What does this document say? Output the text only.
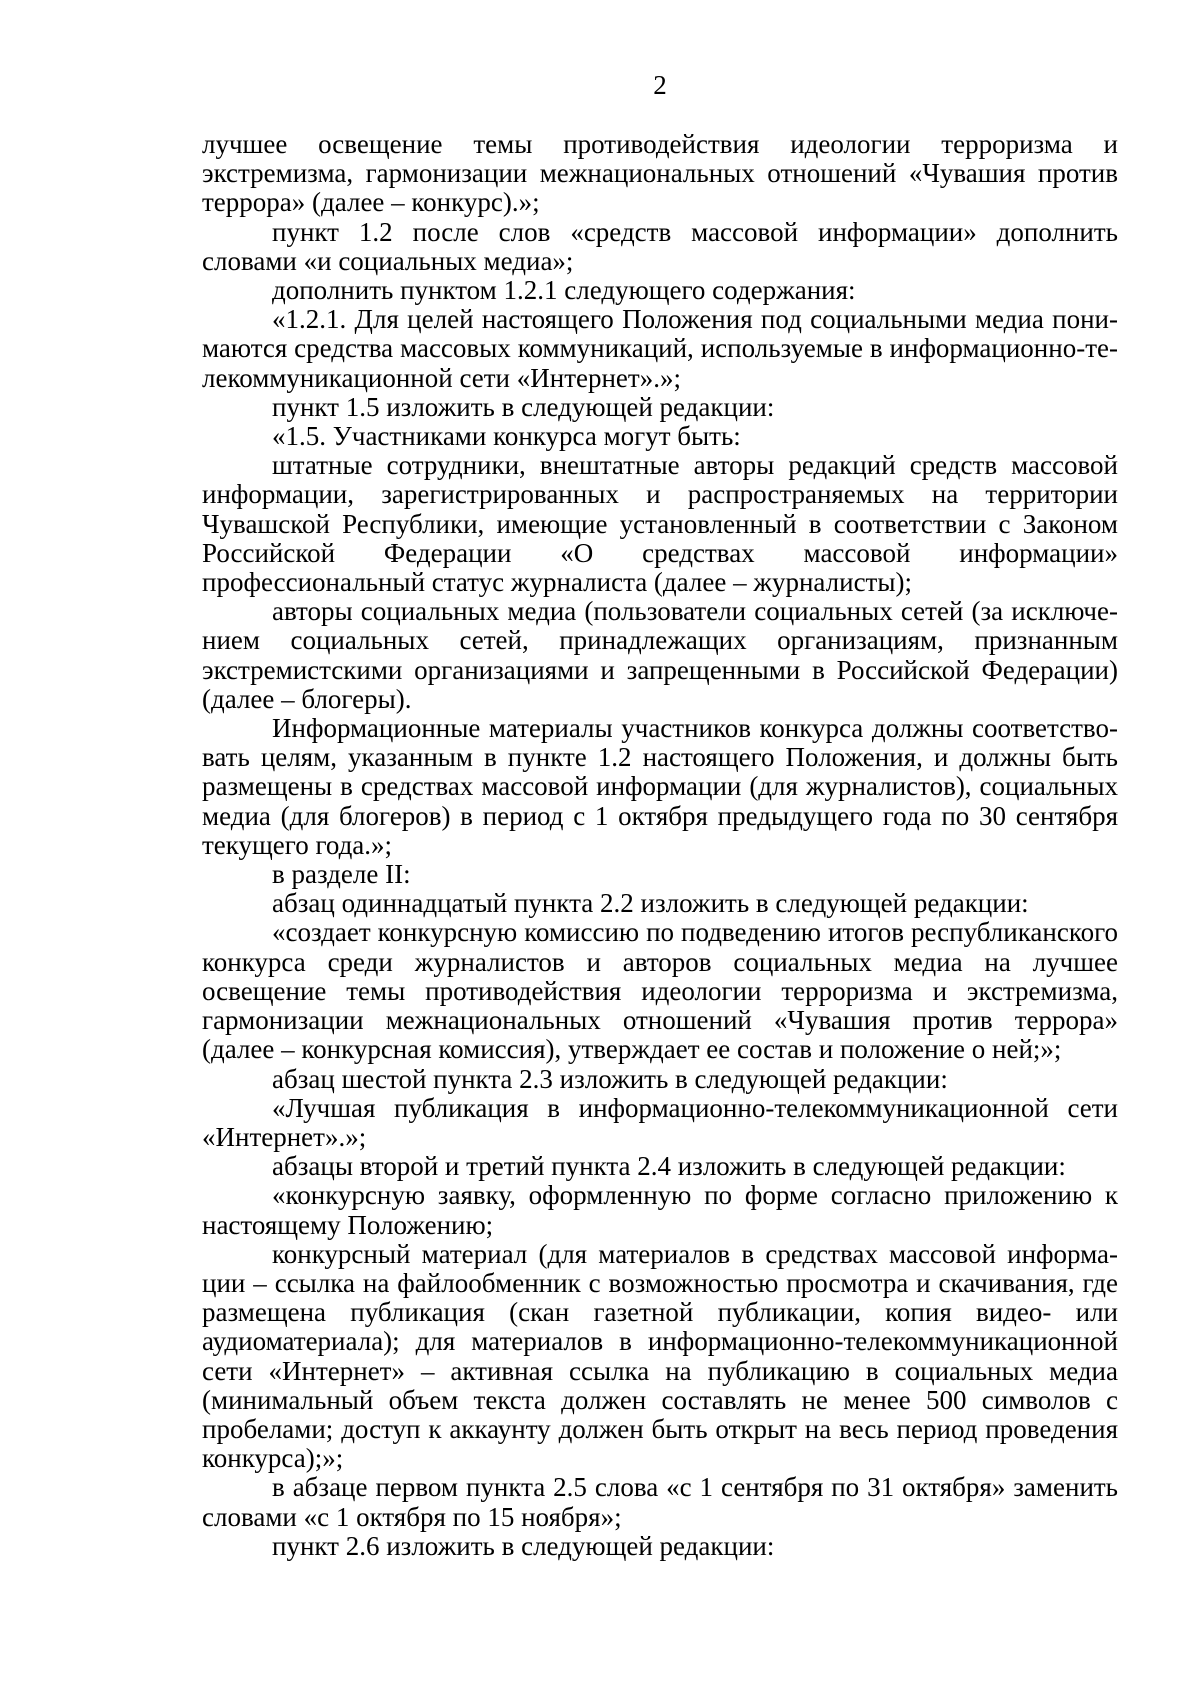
2

лучшее освещение темы противодействия идеологии терроризма и экстремизма, гармонизации межнациональных отношений «Чувашия против террора» (далее – конкурс).»;

пункт 1.2 после слов «средств массовой информации» дополнить словами «и социальных медиа»;

дополнить пунктом 1.2.1 следующего содержания:

«1.2.1. Для целей настоящего Положения под социальными медиа понимаются средства массовых коммуникаций, используемые в информационно-телекоммуникационной сети «Интернет».»;

пункт 1.5 изложить в следующей редакции:

«1.5. Участниками конкурса могут быть:

штатные сотрудники, внештатные авторы редакций средств массовой информации, зарегистрированных и распространяемых на территории Чувашской Республики, имеющие установленный в соответствии с Законом Российской Федерации «О средствах массовой информации» профессиональный статус журналиста (далее – журналисты);

авторы социальных медиа (пользователи социальных сетей (за исключением социальных сетей, принадлежащих организациям, признанным экстремистскими организациями и запрещенными в Российской Федерации) (далее – блогеры).

Информационные материалы участников конкурса должны соответствовать целям, указанным в пункте 1.2 настоящего Положения, и должны быть размещены в средствах массовой информации (для журналистов), социальных медиа (для блогеров) в период с 1 октября предыдущего года по 30 сентября текущего года.»;

в разделе II:

абзац одиннадцатый пункта 2.2 изложить в следующей редакции:

«создает конкурсную комиссию по подведению итогов республиканского конкурса среди журналистов и авторов социальных медиа на лучшее освещение темы противодействия идеологии терроризма и экстремизма, гармонизации межнациональных отношений «Чувашия против террора» (далее – конкурсная комиссия), утверждает ее состав и положение о ней;»;

абзац шестой пункта 2.3 изложить в следующей редакции:

«Лучшая публикация в информационно-телекоммуникационной сети «Интернет».»;

абзацы второй и третий пункта 2.4 изложить в следующей редакции:

«конкурсную заявку, оформленную по форме согласно приложению к настоящему Положению;

конкурсный материал (для материалов в средствах массовой информации – ссылка на файлообменник с возможностью просмотра и скачивания, где размещена публикация (скан газетной публикации, копия видео- или аудиоматериала); для материалов в информационно-телекоммуникационной сети «Интернет» – активная ссылка на публикацию в социальных медиа (минимальный объем текста должен составлять не менее 500 символов с пробелами; доступ к аккаунту должен быть открыт на весь период проведения конкурса);»;

в абзаце первом пункта 2.5 слова «с 1 сентября по 31 октября» заменить словами «с 1 октября по 15 ноября»;

пункт 2.6 изложить в следующей редакции:
